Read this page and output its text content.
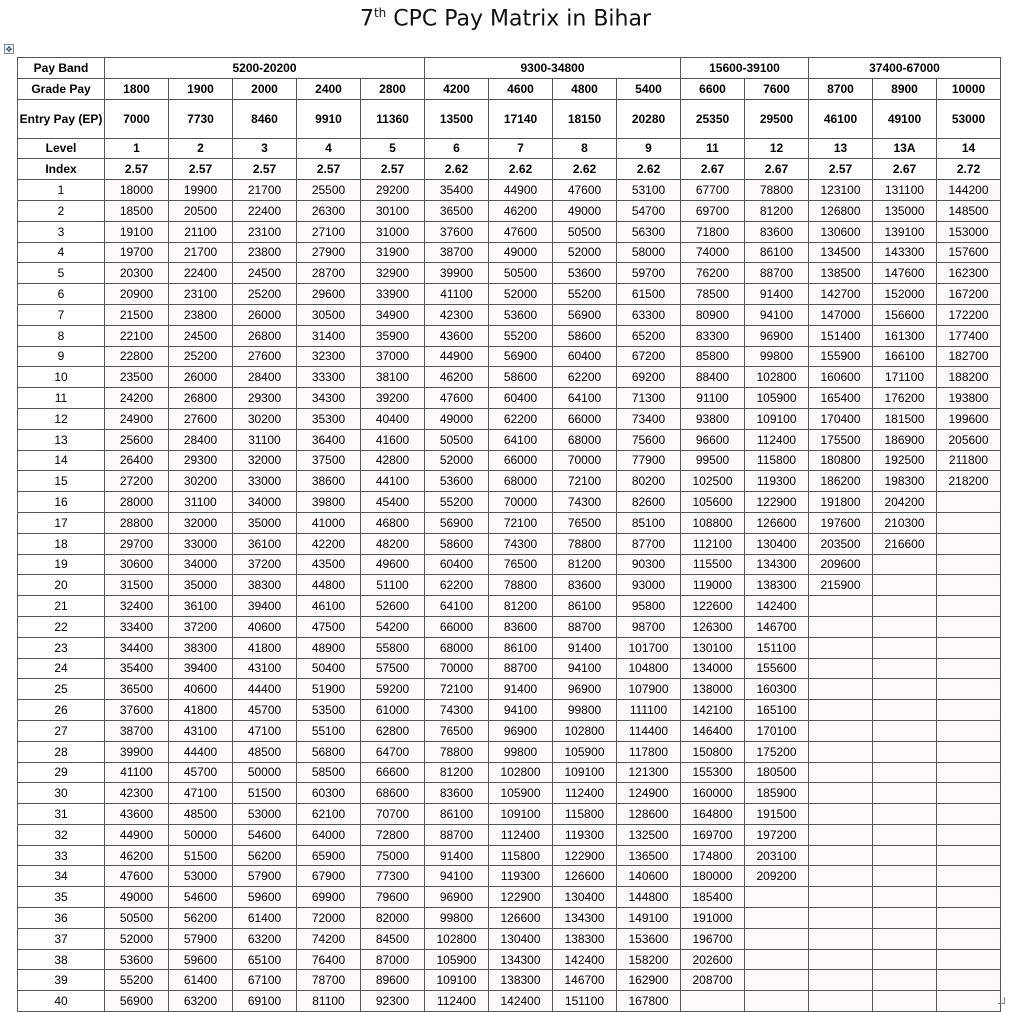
7th CPC Pay Matrix in Bihar
✥
Pay Band	5200-20200					9300-34800				15600-39100		37400-67000		
Grade Pay	1800	1900	2000	2400	2800	4200	4600	4800	5400	6600	7600	8700	8900	10000
Entry Pay (EP)	7000	7730	8460	9910	11360	13500	17140	18150	20280	25350	29500	46100	49100	53000
Level	1	2	3	4	5	6	7	8	9	11	12	13	13A	14
Index	2.57	2.57	2.57	2.57	2.57	2.62	2.62	2.62	2.62	2.67	2.67	2.57	2.67	2.72
1	18000	19900	21700	25500	29200	35400	44900	47600	53100	67700	78800	123100	131100	144200
2	18500	20500	22400	26300	30100	36500	46200	49000	54700	69700	81200	126800	135000	148500
3	19100	21100	23100	27100	31000	37600	47600	50500	56300	71800	83600	130600	139100	153000
4	19700	21700	23800	27900	31900	38700	49000	52000	58000	74000	86100	134500	143300	157600
5	20300	22400	24500	28700	32900	39900	50500	53600	59700	76200	88700	138500	147600	162300
6	20900	23100	25200	29600	33900	41100	52000	55200	61500	78500	91400	142700	152000	167200
7	21500	23800	26000	30500	34900	42300	53600	56900	63300	80900	94100	147000	156600	172200
8	22100	24500	26800	31400	35900	43600	55200	58600	65200	83300	96900	151400	161300	177400
9	22800	25200	27600	32300	37000	44900	56900	60400	67200	85800	99800	155900	166100	182700
10	23500	26000	28400	33300	38100	46200	58600	62200	69200	88400	102800	160600	171100	188200
11	24200	26800	29300	34300	39200	47600	60400	64100	71300	91100	105900	165400	176200	193800
12	24900	27600	30200	35300	40400	49000	62200	66000	73400	93800	109100	170400	181500	199600
13	25600	28400	31100	36400	41600	50500	64100	68000	75600	96600	112400	175500	186900	205600
14	26400	29300	32000	37500	42800	52000	66000	70000	77900	99500	115800	180800	192500	211800
15	27200	30200	33000	38600	44100	53600	68000	72100	80200	102500	119300	186200	198300	218200
16	28000	31100	34000	39800	45400	55200	70000	74300	82600	105600	122900	191800	204200	
17	28800	32000	35000	41000	46800	56900	72100	76500	85100	108800	126600	197600	210300	
18	29700	33000	36100	42200	48200	58600	74300	78800	87700	112100	130400	203500	216600	
19	30600	34000	37200	43500	49600	60400	76500	81200	90300	115500	134300	209600		
20	31500	35000	38300	44800	51100	62200	78800	83600	93000	119000	138300	215900		
21	32400	36100	39400	46100	52600	64100	81200	86100	95800	122600	142400			
22	33400	37200	40600	47500	54200	66000	83600	88700	98700	126300	146700			
23	34400	38300	41800	48900	55800	68000	86100	91400	101700	130100	151100			
24	35400	39400	43100	50400	57500	70000	88700	94100	104800	134000	155600			
25	36500	40600	44400	51900	59200	72100	91400	96900	107900	138000	160300			
26	37600	41800	45700	53500	61000	74300	94100	99800	111100	142100	165100			
27	38700	43100	47100	55100	62800	76500	96900	102800	114400	146400	170100			
28	39900	44400	48500	56800	64700	78800	99800	105900	117800	150800	175200			
29	41100	45700	50000	58500	66600	81200	102800	109100	121300	155300	180500			
30	42300	47100	51500	60300	68600	83600	105900	112400	124900	160000	185900			
31	43600	48500	53000	62100	70700	86100	109100	115800	128600	164800	191500			
32	44900	50000	54600	64000	72800	88700	112400	119300	132500	169700	197200			
33	46200	51500	56200	65900	75000	91400	115800	122900	136500	174800	203100			
34	47600	53000	57900	67900	77300	94100	119300	126600	140600	180000	209200			
35	49000	54600	59600	69900	79600	96900	122900	130400	144800	185400				
36	50500	56200	61400	72000	82000	99800	126600	134300	149100	191000				
37	52000	57900	63200	74200	84500	102800	130400	138300	153600	196700				
38	53600	59600	65100	76400	87000	105900	134300	142400	158200	202600				
39	55200	61400	67100	78700	89600	109100	138300	146700	162900	208700				
40	56900	63200	69100	81100	92300	112400	142400	151100	167800					
